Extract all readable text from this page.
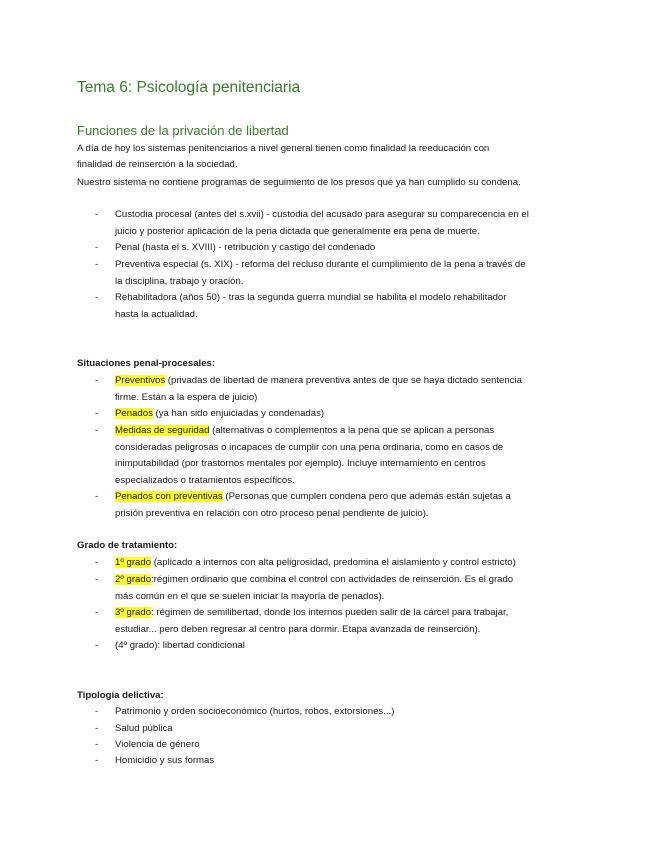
Tema 6: Psicología penitenciaria
Funciones de la privación de libertad
A día de hoy los sistemas penitenciarios a nivel general tienen como finalidad la reeducación con
finalidad de reinserción a la sociedad.
Nuestro sistema no contiene programas de seguimiento de los presos que ya han cumplido su condena.
- Custodia procesal (antes del s.xvii) - custodia del acusado para asegurar su comparecencia en el
juicio y posterior aplicación de la pena dictada que generalmente era pena de muerte.
- Penal (hasta el s. XVIII) - retribución y castigo del condenado
- Preventiva especial (s. XIX) - reforma del recluso durante el cumplimiento de la pena a través de
la disciplina, trabajo y oración.
- Rehabilitadora (años 50) - tras la segunda guerra mundial se habilita el modelo rehabilitador
hasta la actualidad.
Situaciones penal-procesales:
- Preventivos (privadas de libertad de manera preventiva antes de que se haya dictado sentencia
firme. Están a la espera de juicio)
- Penados (ya han sido enjuiciadas y condenadas)
- Medidas de seguridad (alternativas o complementos a la pena que se aplican a personas
consideradas peligrosas o incapaces de cumplir con una pena ordinaria, como en casos de
inimputabilidad (por trastornos mentales por ejemplo). Incluye internamiento en centros
especializados o tratamientos específicos.
- Penados con preventivas (Personas que cumplen condena pero que además están sujetas a
prisión preventiva en relación con otro proceso penal pendiente de juicio).
Grado de tratamiento:
- 1º grado (aplicado a internos con alta peligrosidad, predomina el aislamiento y control estricto)
- 2º grado:régimen ordinario que combina el control con actividades de reinserción. Es el grado
más común en el que se suelen iniciar la mayoría de penados).
- 3º grado: régimen de semilibertad, donde los internos pueden salir de la cárcel para trabajar,
estudiar... pero deben regresar al centro para dormir. Etapa avanzada de reinserción).
- (4º grado): libertad condicional
Tipología delictiva:
- Patrimonio y orden socioeconómico (hurtos, robos, extorsiones...)
- Salud pública
- Violencia de género
- Homicidio y sus formas
